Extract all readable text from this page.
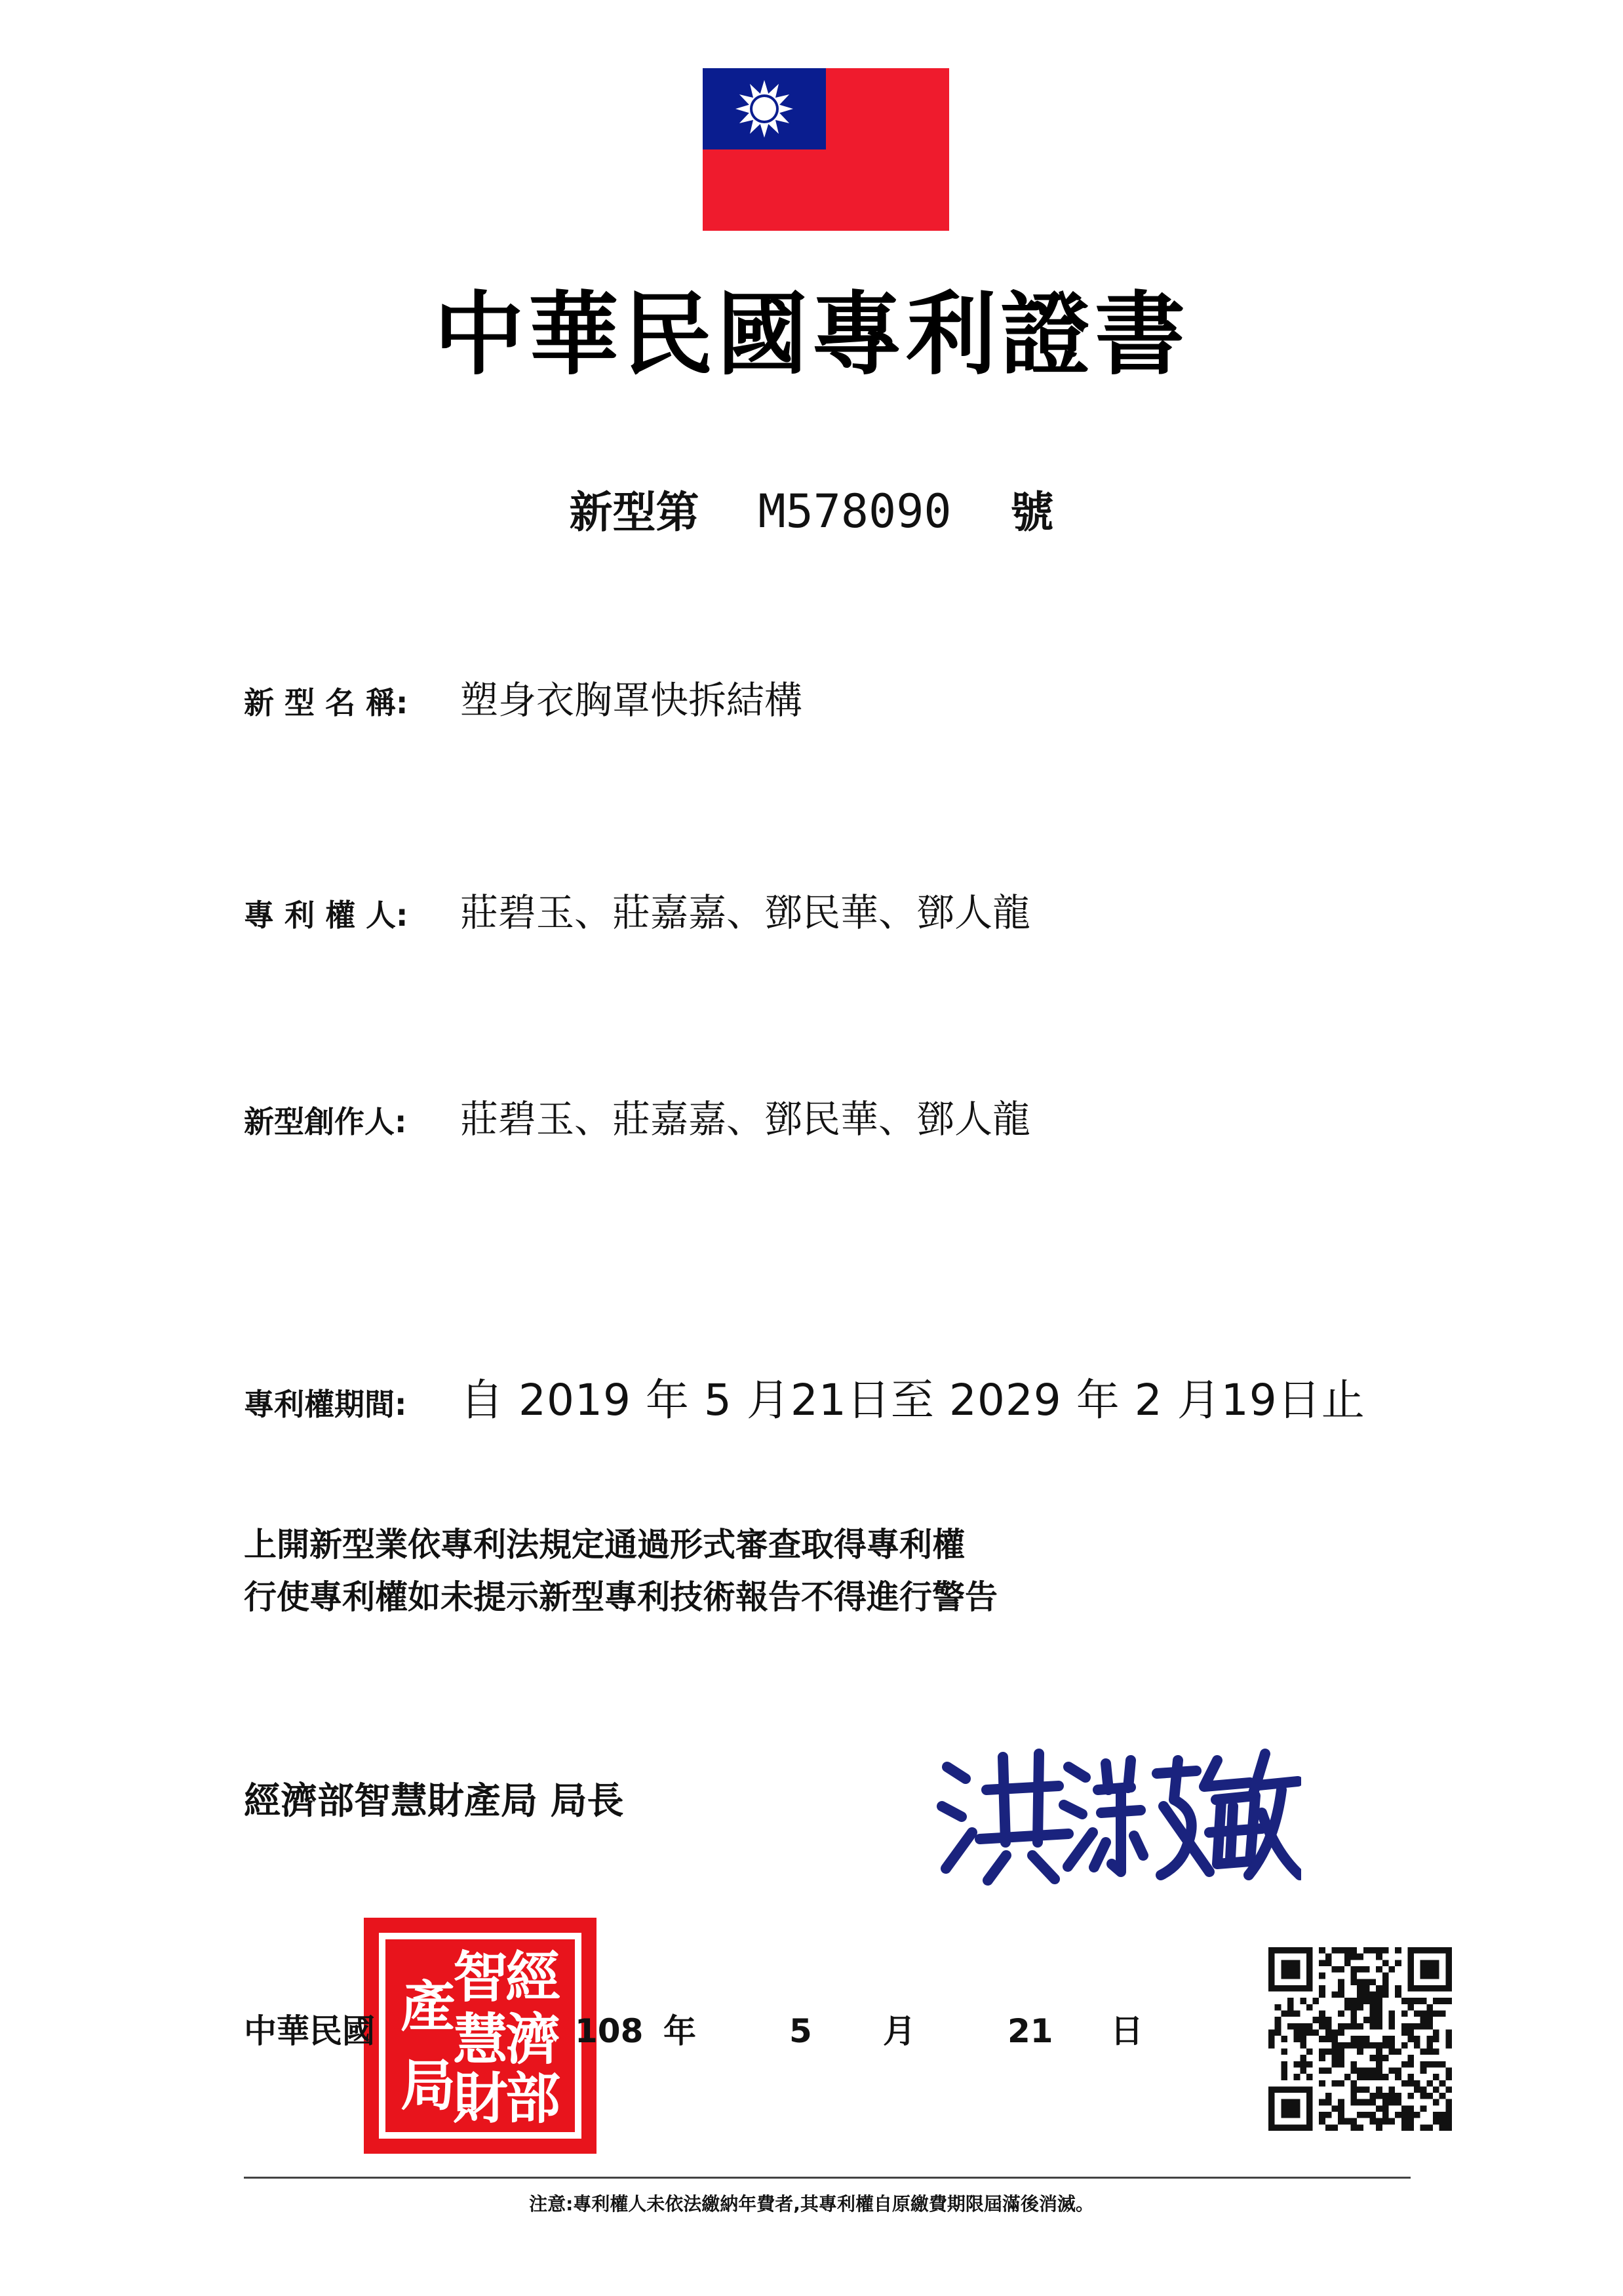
中華民國專利證書
新型第 M578090 號
新 型 名 稱: 塑身衣胸罩快拆結構
專 利 權 人: 莊碧玉、莊嘉嘉、鄧民華、鄧人龍
新型創作人: 莊碧玉、莊嘉嘉、鄧民華、鄧人龍
專利權期間: 自 2019 年 5 月21日至 2029 年 2 月19日止
上開新型業依專利法規定通過形式審查取得專利權
行使專利權如未提示新型專利技術報告不得進行警告
經濟部智慧財產局 局長
經
濟
部
智
慧
財
產
局
中華民國	108 年	5 月	21 日
注意:專利權人未依法繳納年費者,其專利權自原繳費期限屆滿後消滅。
